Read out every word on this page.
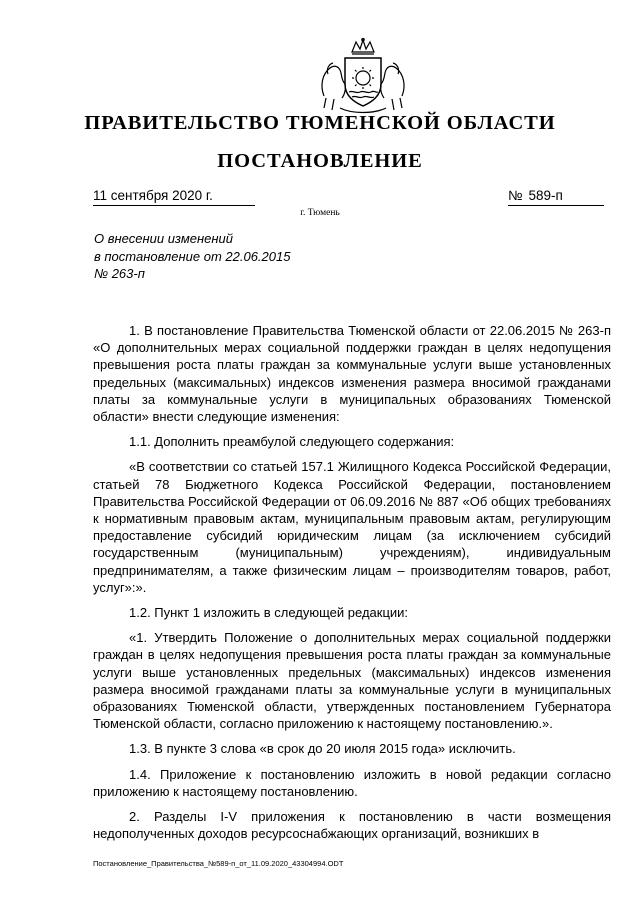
ПРАВИТЕЛЬСТВО ТЮМЕНСКОЙ ОБЛАСТИ
ПОСТАНОВЛЕНИЕ
11 сентября 2020 г.	№ 589-п
г. Тюмень
О внесении изменений
в постановление от 22.06.2015
№ 263-п

1. В постановление Правительства Тюменской области от 22.06.2015 № 263-п «О дополнительных мерах социальной поддержки граждан в целях недопущения превышения роста платы граждан за коммунальные услуги выше установленных предельных (максимальных) индексов изменения размера вносимой гражданами платы за коммунальные услуги в муниципальных образованиях Тюменской области» внести следующие изменения:

1.1. Дополнить преамбулой следующего содержания:

«В соответствии со статьей 157.1 Жилищного Кодекса Российской Федерации, статьей 78 Бюджетного Кодекса Российской Федерации, постановлением Правительства Российской Федерации от 06.09.2016 № 887 «Об общих требованиях к нормативным правовым актам, муниципальным правовым актам, регулирующим предоставление субсидий юридическим лицам (за исключением субсидий государственным (муниципальным) учреждениям), индивидуальным предпринимателям, а также физическим лицам – производителям товаров, работ, услуг»:».

1.2. Пункт 1 изложить в следующей редакции:

«1. Утвердить Положение о дополнительных мерах социальной поддержки граждан в целях недопущения превышения роста платы граждан за коммунальные услуги выше установленных предельных (максимальных) индексов изменения размера вносимой гражданами платы за коммунальные услуги в муниципальных образованиях Тюменской области, утвержденных постановлением Губернатора Тюменской области, согласно приложению к настоящему постановлению.».

1.3. В пункте 3 слова «в срок до 20 июля 2015 года» исключить.

1.4. Приложение к постановлению изложить в новой редакции согласно приложению к настоящему постановлению.

2. Разделы I-V приложения к постановлению в части возмещения недополученных доходов ресурсоснабжающих организаций, возникших в

Постановление_Правительства_№589-п_от_11.09.2020_43304994.ODT
